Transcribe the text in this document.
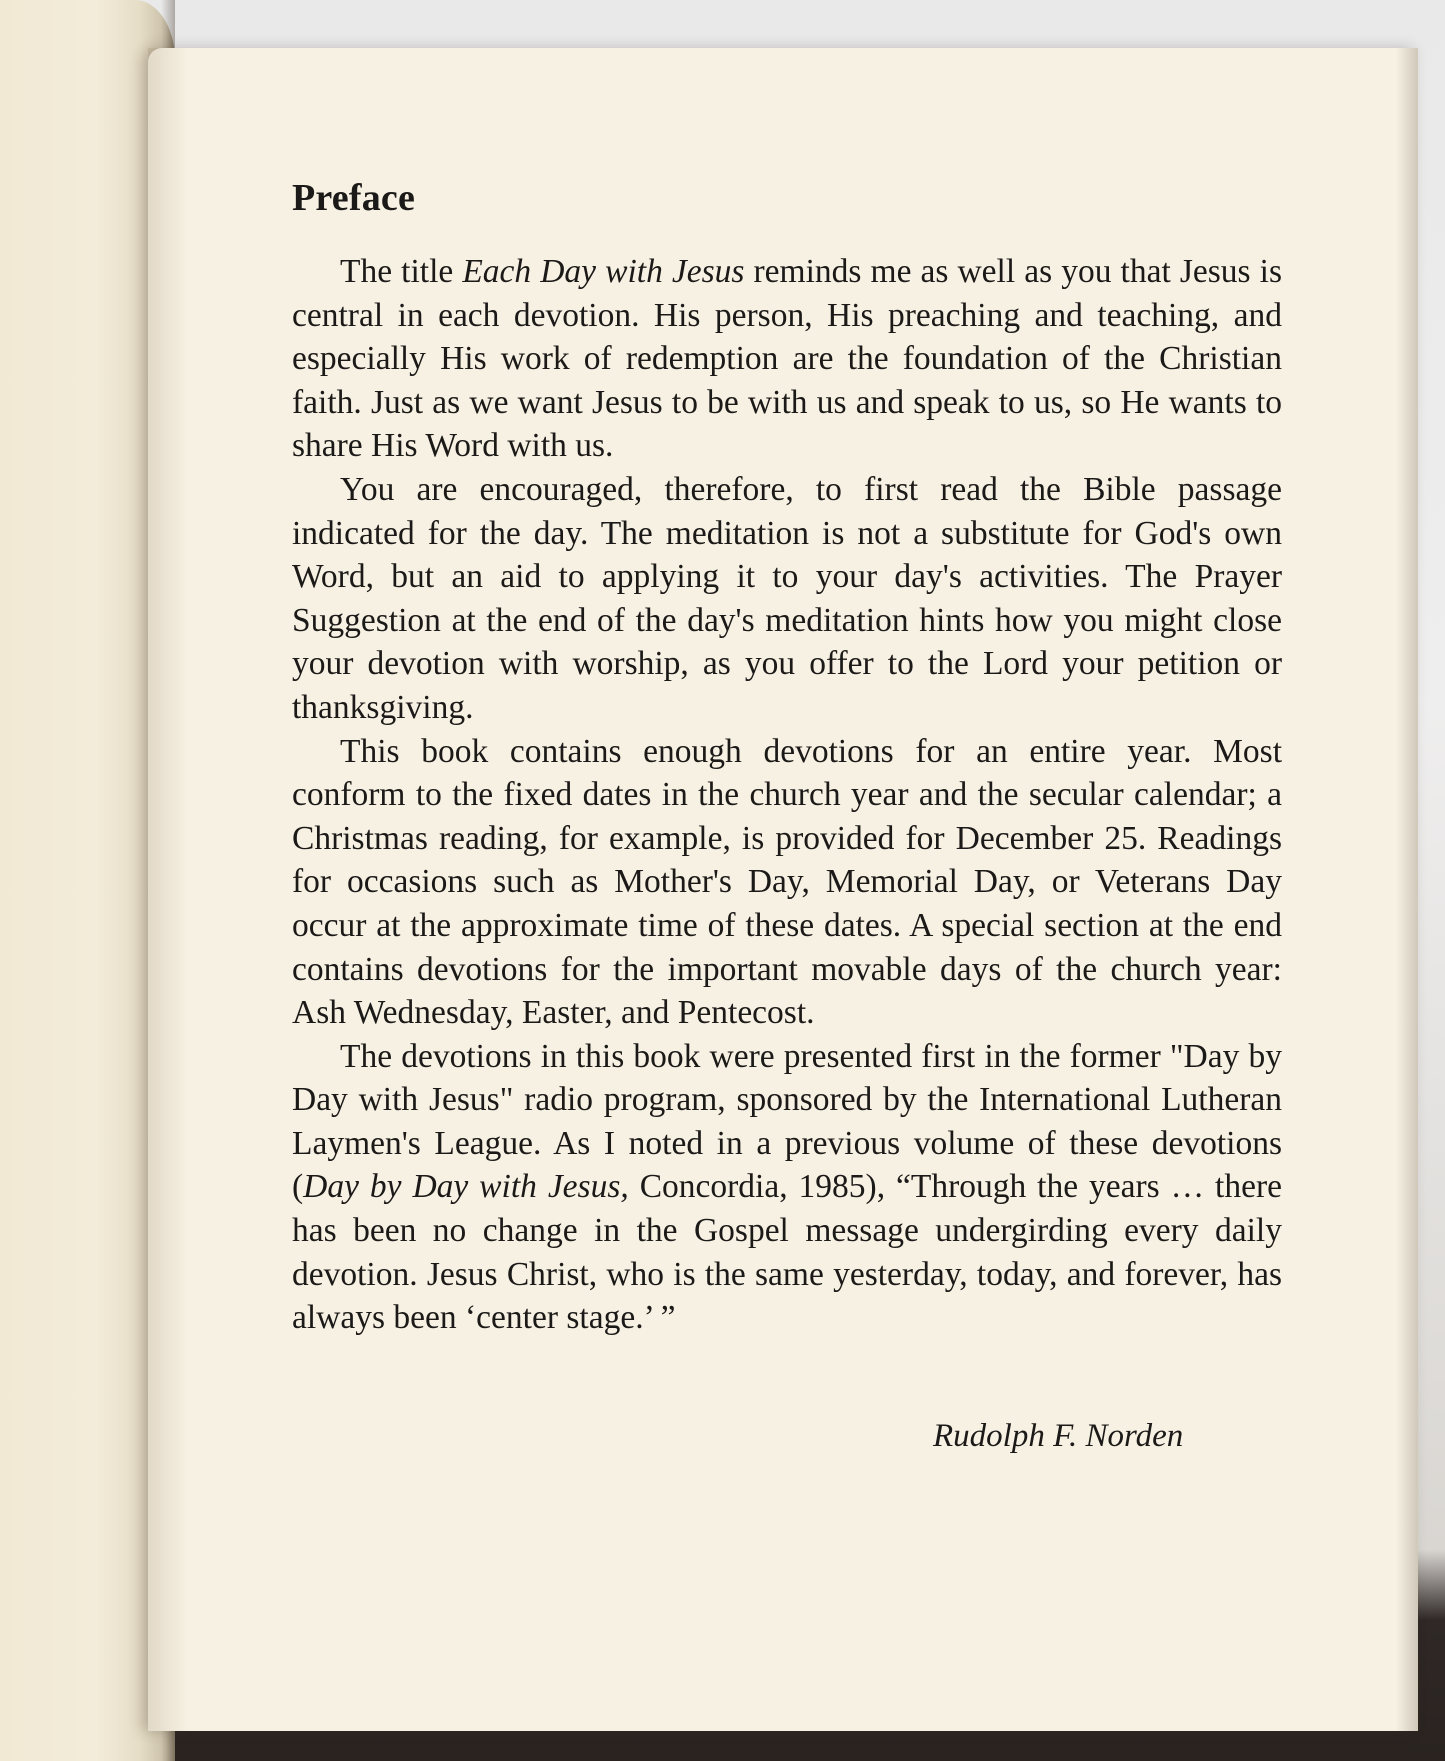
Preface

The title Each Day with Jesus reminds me as well as you that Jesus is central in each devotion. His person, His preaching and teaching, and especially His work of redemption are the foundation of the Christian faith. Just as we want Jesus to be with us and speak to us, so He wants to share His Word with us.

You are encouraged, therefore, to first read the Bible passage indicated for the day. The meditation is not a substitute for God's own Word, but an aid to applying it to your day's activities. The Prayer Suggestion at the end of the day's meditation hints how you might close your devotion with worship, as you offer to the Lord your petition or thanksgiving.

This book contains enough devotions for an entire year. Most conform to the fixed dates in the church year and the secular calendar; a Christmas reading, for example, is provided for December 25. Readings for occasions such as Mother's Day, Memorial Day, or Veterans Day occur at the approximate time of these dates. A special section at the end contains devotions for the important movable days of the church year: Ash Wednesday, Easter, and Pentecost.

The devotions in this book were presented first in the former "Day by Day with Jesus" radio program, sponsored by the International Lutheran Laymen's League. As I noted in a previous volume of these devotions (Day by Day with Jesus, Concordia, 1985), “Through the years … there has been no change in the Gospel message undergirding every daily devotion. Jesus Christ, who is the same yesterday, today, and forever, has always been ‘center stage.’ ”

Rudolph F. Norden
